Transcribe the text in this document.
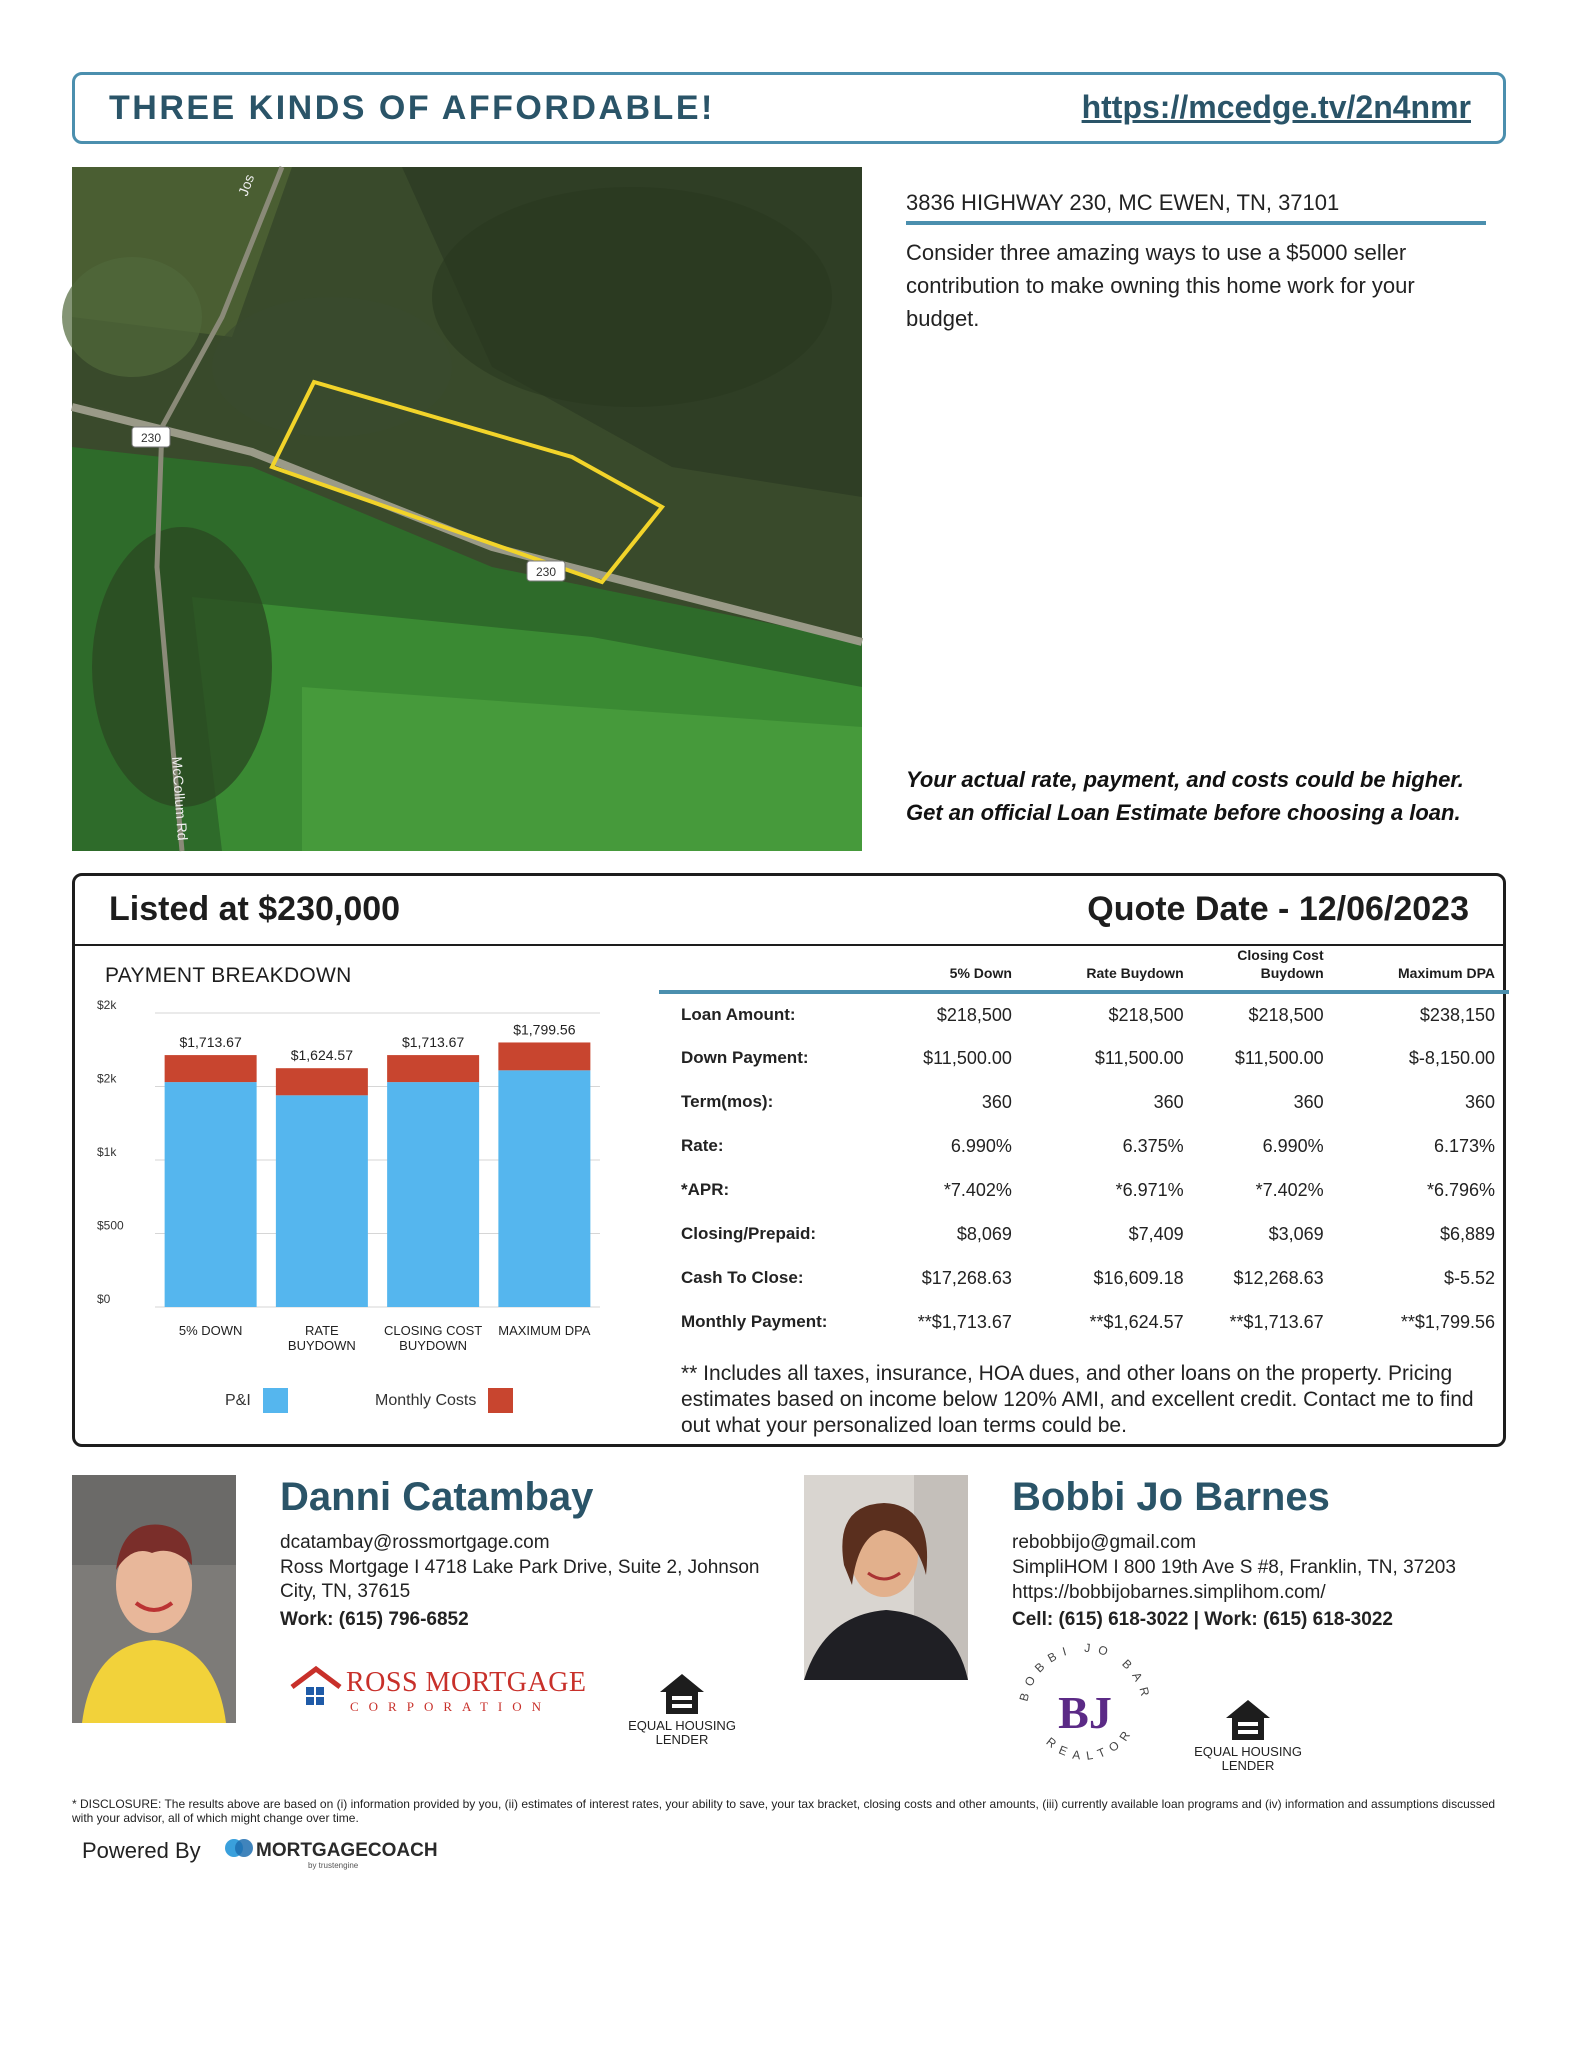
THREE KINDS OF AFFORDABLE!	https://mcedge.tv/2n4nmr
230
230
Jos
McCollum Rd
3836 HIGHWAY 230, MC EWEN, TN, 37101
Consider three amazing ways to use a $5000 seller contribution to make owning this home work for your budget.
Your actual rate, payment, and costs could be higher. Get an official Loan Estimate before choosing a loan.
Listed at $230,000	Quote Date - 12/06/2023
PAYMENT BREAKDOWN
$0
$500
$1k
$2k
$2k
$1,713.67
5% DOWN
$1,624.57
RATE
BUYDOWN
$1,713.67
CLOSING COST
BUYDOWN
$1,799.56
MAXIMUM DPA
P&I	Monthly Costs
	5% Down	Rate Buydown	Closing Cost Buydown	Maximum DPA
Loan Amount:	$218,500	$218,500	$218,500	$238,150
Down Payment:	$11,500.00	$11,500.00	$11,500.00	$-8,150.00
Term(mos):	360	360	360	360
Rate:	6.990%	6.375%	6.990%	6.173%
*APR:	*7.402%	*6.971%	*7.402%	*6.796%
Closing/Prepaid:	$8,069	$7,409	$3,069	$6,889
Cash To Close:	$17,268.63	$16,609.18	$12,268.63	$-5.52
Monthly Payment:	**$1,713.67	**$1,624.57	**$1,713.67	**$1,799.56
** Includes all taxes, insurance, HOA dues, and other loans on the property. Pricing estimates based on income below 120% AMI, and excellent credit. Contact me to find out what your personalized loan terms could be.
Danni Catambay
dcatambay@rossmortgage.com
Ross Mortgage I 4718 Lake Park Drive, Suite 2, Johnson
City, TN, 37615
Work: (615) 796-6852
ROSS MORTGAGE
CORPORATION
EQUAL HOUSING
LENDER
Bobbi Jo Barnes
rebobbijo@gmail.com
SimpliHOM I 800 19th Ave S #8, Franklin, TN, 37203
https://bobbijobarnes.simplihom.com/
Cell: (615) 618-3022 | Work: (615) 618-3022
BOBBI JO BAR
REALTOR
BJ
EQUAL HOUSING
LENDER
* DISCLOSURE: The results above are based on (i) information provided by you, (ii) estimates of interest rates, your ability to save, your tax bracket, closing costs and other amounts, (iii) currently available loan programs and (iv) information and assumptions discussed with your advisor, all of which might change over time.
Powered By	MORTGAGECOACH
by trustengine
